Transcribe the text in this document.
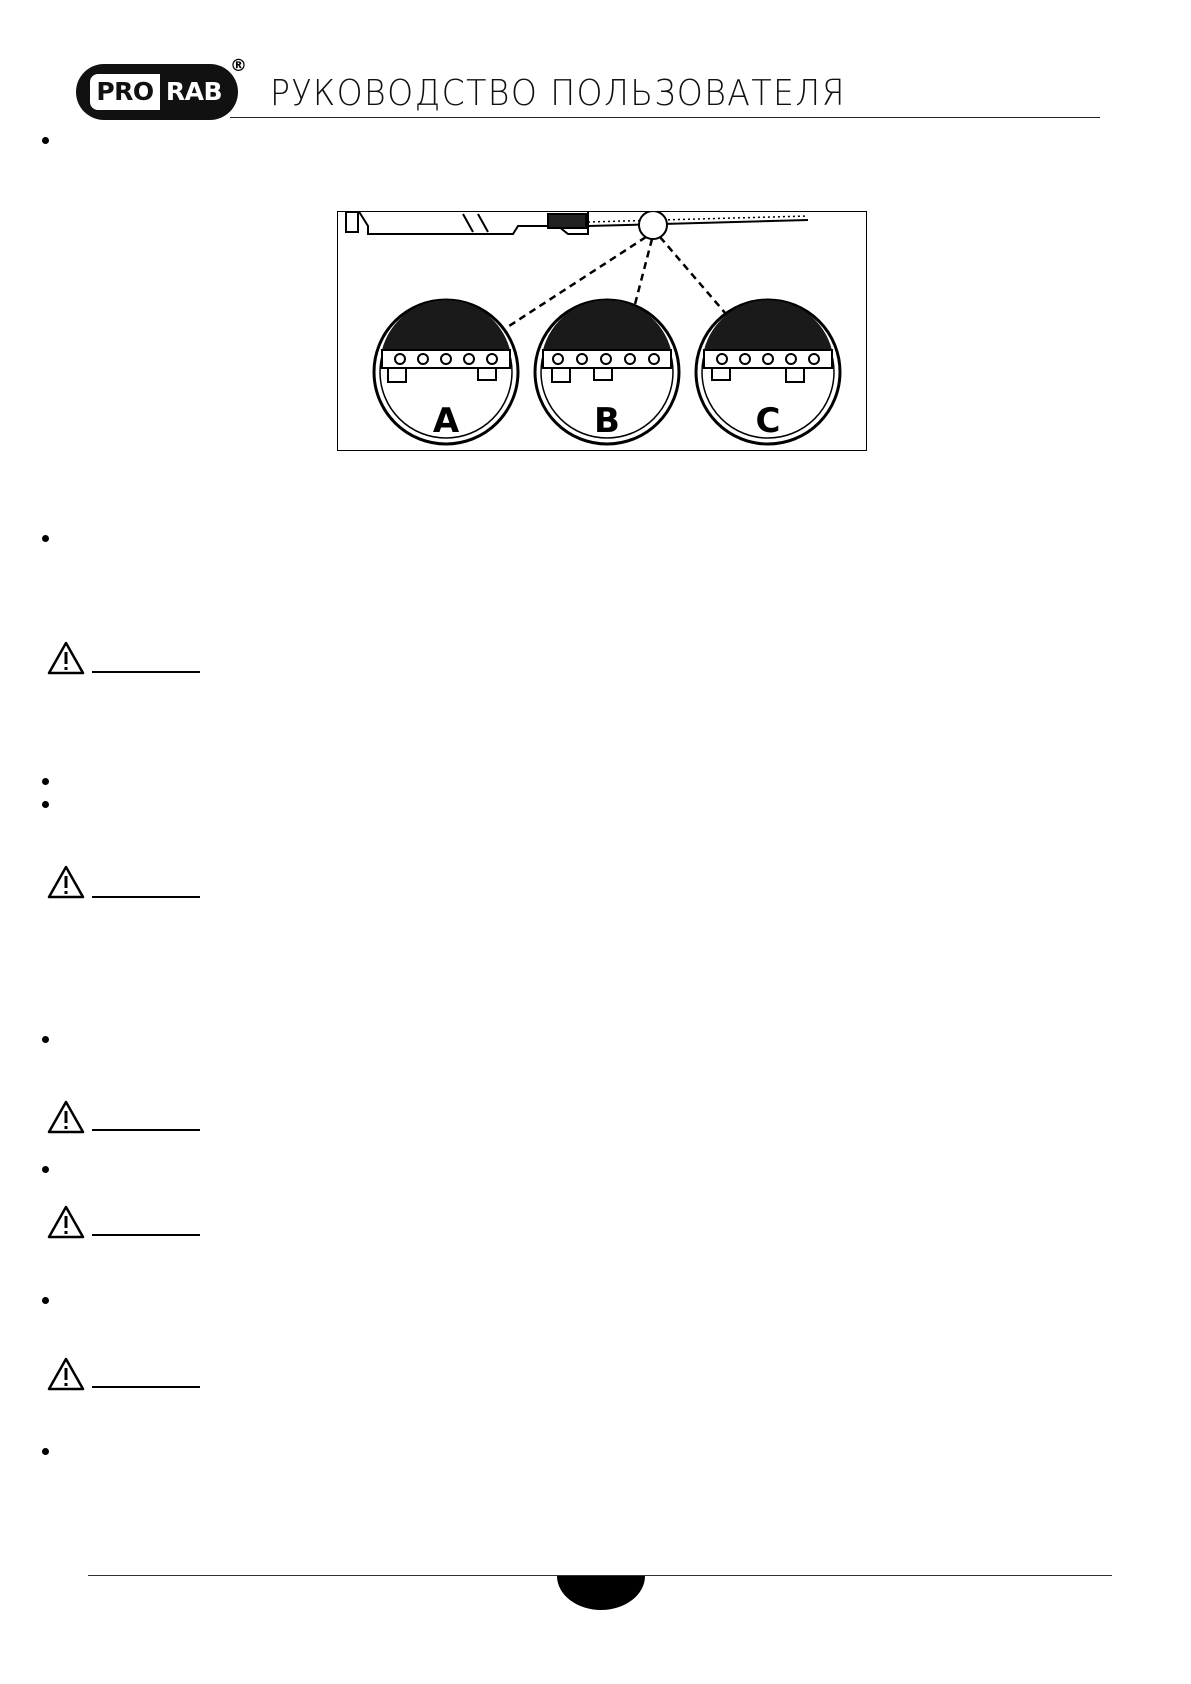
PRO RAB
®
РУКОВОДСТВО ПОЛЬЗОВАТЕЛЯ
A	B	C
